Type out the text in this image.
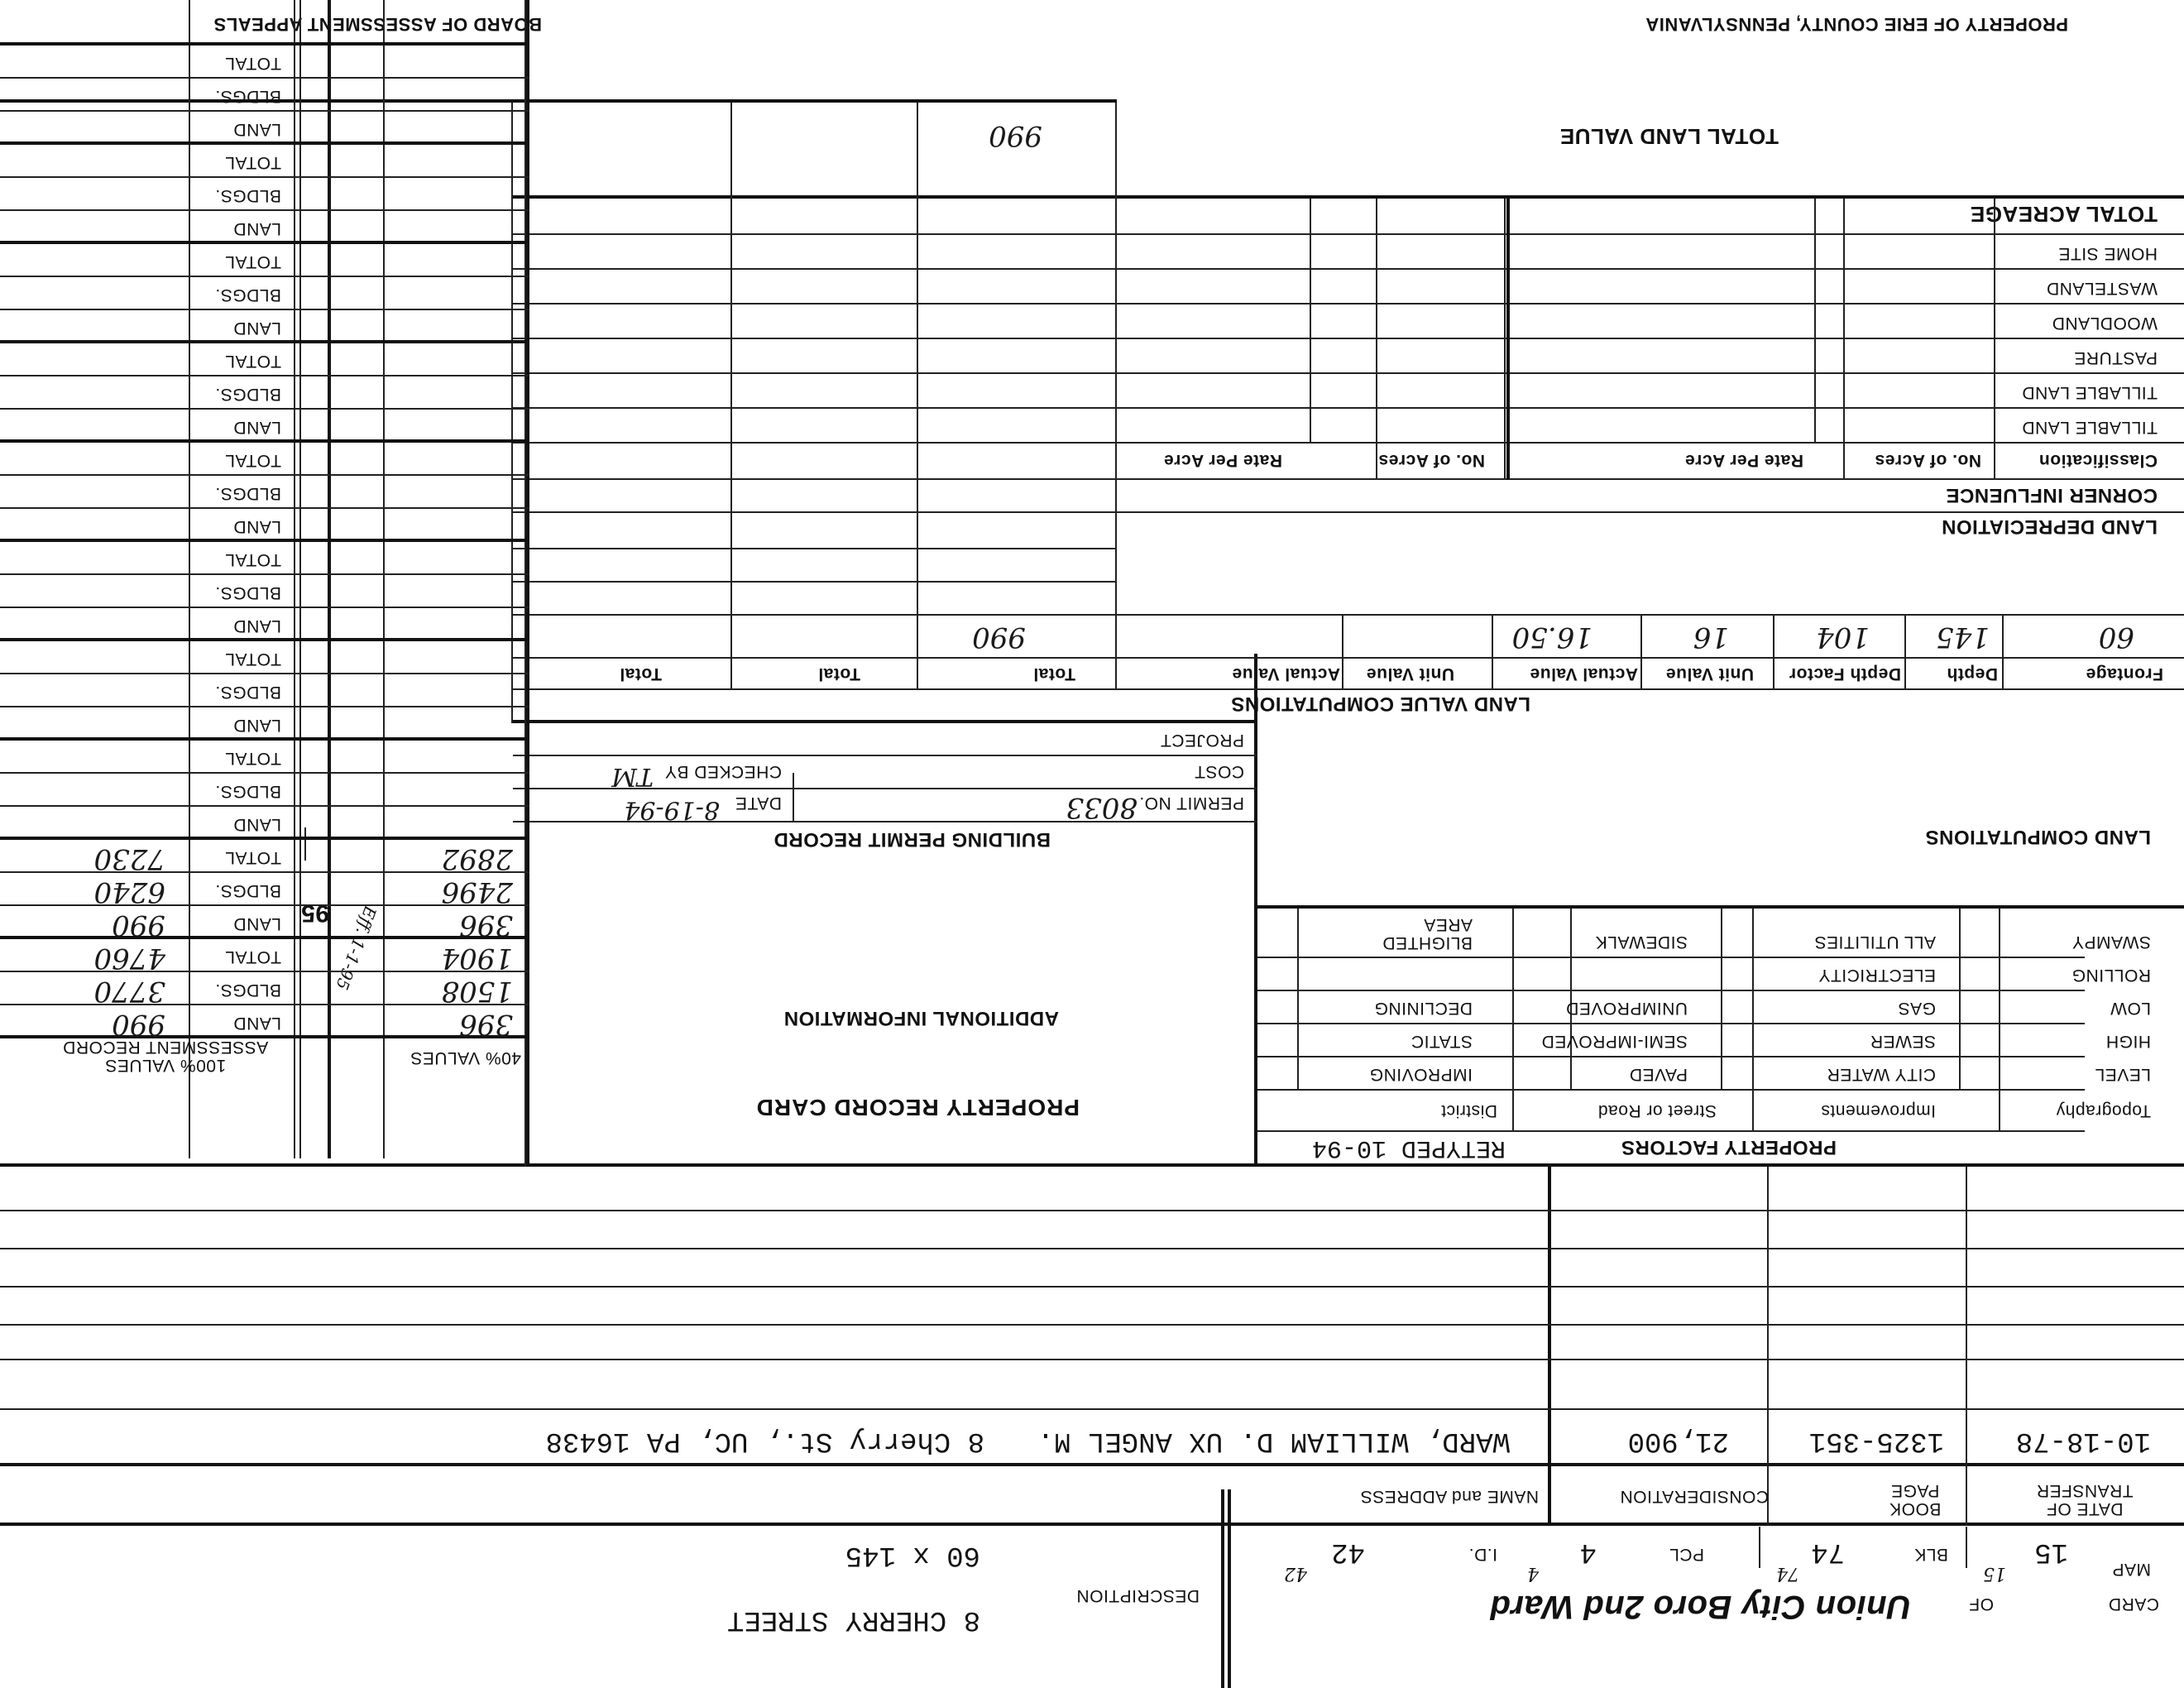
PROPERTY OF ERIE COUNTY, PENNSYLVANIA
BOARD OF ASSESSMENT APPEALS
CARD
OF
Union City Boro 2nd Ward
MAP
15
15
BLK
74
74
PCL
4
4
I.D.
42
42
DESCRIPTION
8 CHERRY STREET
60 x 145
DATE OF
TRANSFER
BOOK
PAGE
CONSIDERATION
NAME and ADDRESS
10-18-78
1325-351
21,900
WARD, WILLIAM D. UX ANGEL M.
8 Cherry St., UC, PA 16438
PROPERTY FACTORS
RETYPED 10-94
PROPERTY RECORD CARD
ADDITIONAL INFORMATION
Topography
Improvements
Street or Road
District
LEVEL
HIGH
LOW
ROLLING
SWAMPY
CITY WATER
SEWER
GAS
ELECTRICITY
ALL UTILITIES
PAVED
SEMI-IMPROVED
UNIMPROVED
SIDEWALK
IMPROVING
STATIC
DECLINING
BLIGHTED AREA
LAND COMPUTATIONS
BUILDING PERMIT RECORD
PERMIT NO.
8033
DATE
8-19-94
COST
CHECKED BY
TM
PROJECT
LAND VALUE COMPUTATIONS
Frontage
Depth
Depth Factor
Unit Value
Actual Value
Unit Value
Actual Value
Total
Total
Total
60
145
104
16
16.50
990
LAND DEPRECIATION
CORNER INFLUENCE
Classification
No. of Acres
Rate Per Acre
No. of Acres
Rate Per Acre
TILLABLE LAND
TILLABLE LAND
PASTURE
WOODLAND
WASTELAND
HOME SITE
TOTAL ACREAGE
TOTAL LAND VALUE
990
40% VALUES
100% VALUES
ASSESSMENT RECORD
LAND
BLDGS.
TOTAL
LAND
BLDGS.
TOTAL
396
1508
1904
396
2496
2892
990
3770
4760
990
6240
7230
95 Eff. 1-1-95
LAND
BLDGS.
TOTAL
LAND
BLDGS.
TOTAL
LAND
BLDGS.
TOTAL
LAND
BLDGS.
TOTAL
LAND
BLDGS.
TOTAL
LAND
BLDGS.
TOTAL
LAND
BLDGS.
TOTAL
LAND
BLDGS.
TOTAL
